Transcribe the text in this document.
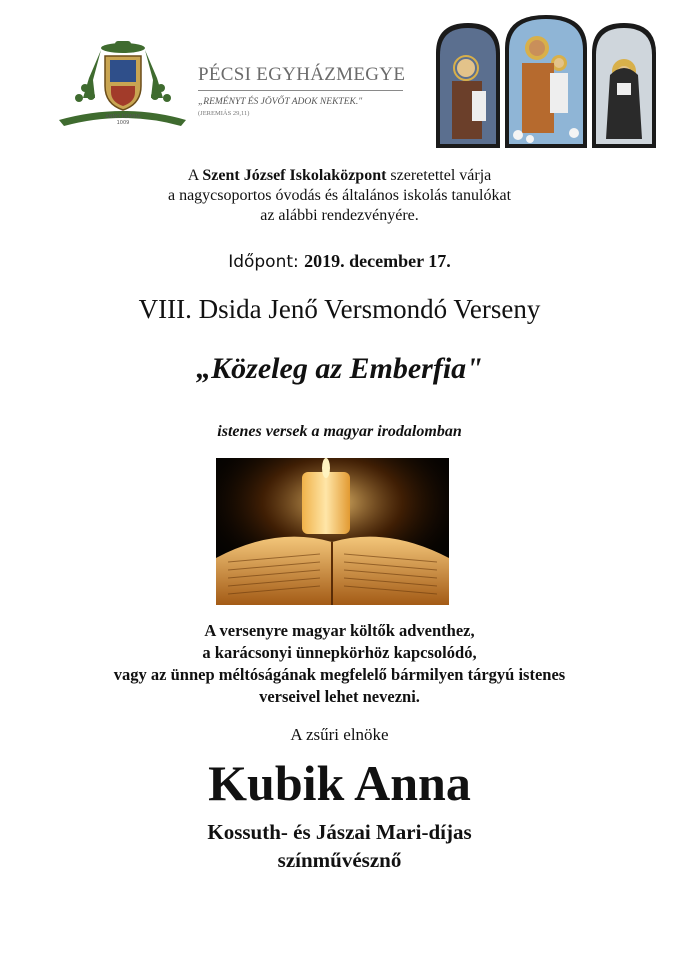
ANNO DOMINI
1009
PÉCSI EGYHÁZMEGYE
„REMÉNYT ÉS JÖVŐT ADOK NEKTEK."
(JEREMIÁS 29,11)
A Szent József Iskolaközpont szeretettel várja
a nagycsoportos óvodás és általános iskolás tanulókat
az alábbi rendezvényére.
Időpont: 2019. december 17.
VIII. Dsida Jenő Versmondó Verseny
„Közeleg az Emberfia"
istenes versek a magyar irodalomban
A versenyre magyar költők adventhez,
a karácsonyi ünnepkörhöz kapcsolódó,
vagy az ünnep méltóságának megfelelő bármilyen tárgyú istenes
verseivel lehet nevezni.
A zsűri elnöke
Kubik Anna
Kossuth- és Jászai Mari-díjas
színművésznő
